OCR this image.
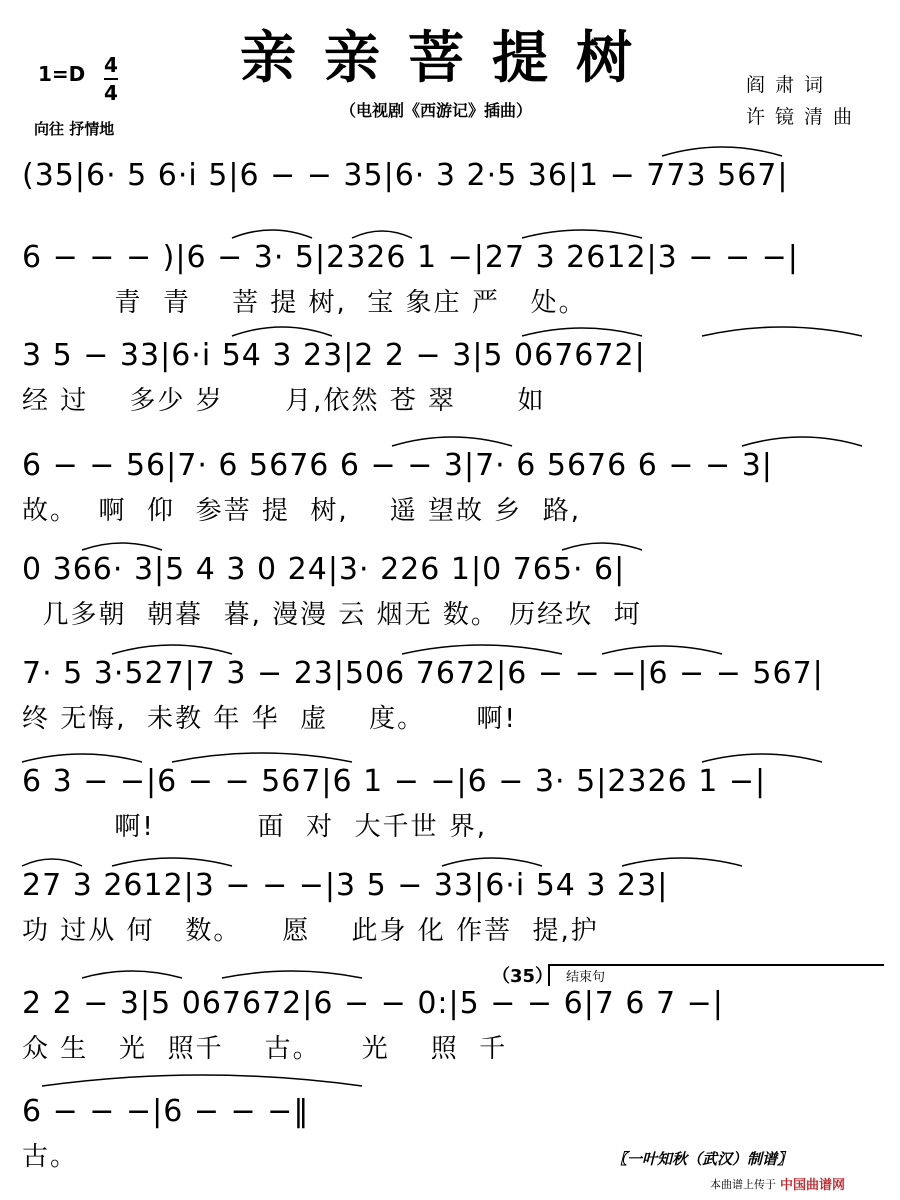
亲亲菩提树
（电视剧《西游记》插曲）
1=D 4
4
向往 抒情地
阎肃词
许镜清曲
(35|6· 5 6·i 5|6 − − 35|6· 3 2·5 36|1 − 773 567|
6 − − − )|6 − 3· 5|2326 1 −|27 3 2612|3 − − −|
青  青    菩 提 树,  宝 象庄 严   处。
3 5 − 33|6·i 54 3 23|2 2 − 3|5 067672|
经 过    多少 岁      月,依然 苍 翠      如
6 − − 56|7· 6 5676 6 − − 3|7· 6 5676 6 − − 3|
故。  啊  仰  参菩 提  树,    遥 望故 乡  路,
0 366· 3|5 4 3 0 24|3· 226 1|0 765· 6|
几多朝  朝暮  暮, 漫漫 云 烟无 数。 历经坎  坷
7· 5 3·527|7 3 − 23|506 7672|6 − − −|6 − − 567|
终 无悔,  未教 年 华  虚    度。     啊!
6 3 − −|6 − − 567|6 1 − −|6 − 3· 5|2326 1 −|
啊!          面  对  大千世 界,
27 3 2612|3 − − −|3 5 − 33|6·i 54 3 23|
功 过从 何   数。    愿    此身 化 作菩  提,护
（35） 结束句
2 2 − 3|5 067672|6 − − 0:|5 − − 6|7 6 7 −|
众 生   光  照千    古。    光    照  千
6 − − −|6 − − −‖
古。	〖一叶知秋（武汉）制谱〗
本曲谱上传于 中国曲谱网
